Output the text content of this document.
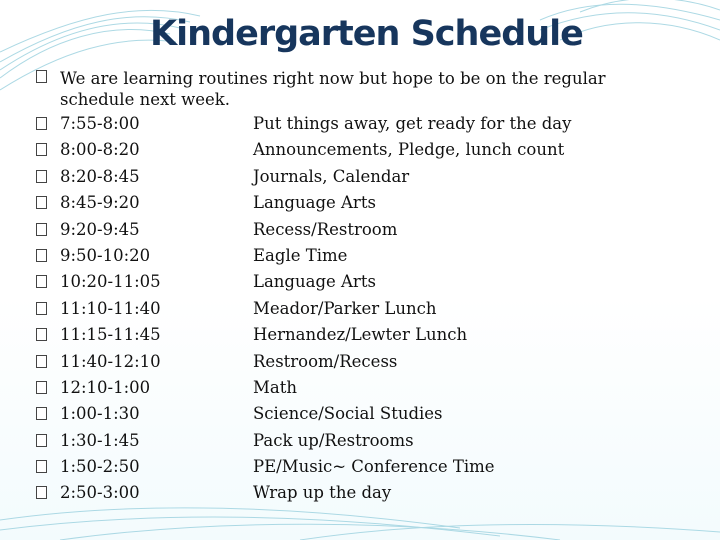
Kindergarten Schedule
We are learning routines right now but hope to be on the regular schedule next week.
7:55-8:00	Put things away, get ready for the day
8:00-8:20	Announcements, Pledge, lunch count
8:20-8:45	Journals, Calendar
8:45-9:20	Language Arts
9:20-9:45	Recess/Restroom
9:50-10:20	Eagle Time
10:20-11:05	Language Arts
11:10-11:40	Meador/Parker Lunch
11:15-11:45	Hernandez/Lewter Lunch
11:40-12:10	Restroom/Recess
12:10-1:00	Math
1:00-1:30	Science/Social Studies
1:30-1:45	Pack up/Restrooms
1:50-2:50	PE/Music~ Conference Time
2:50-3:00	Wrap up the day
